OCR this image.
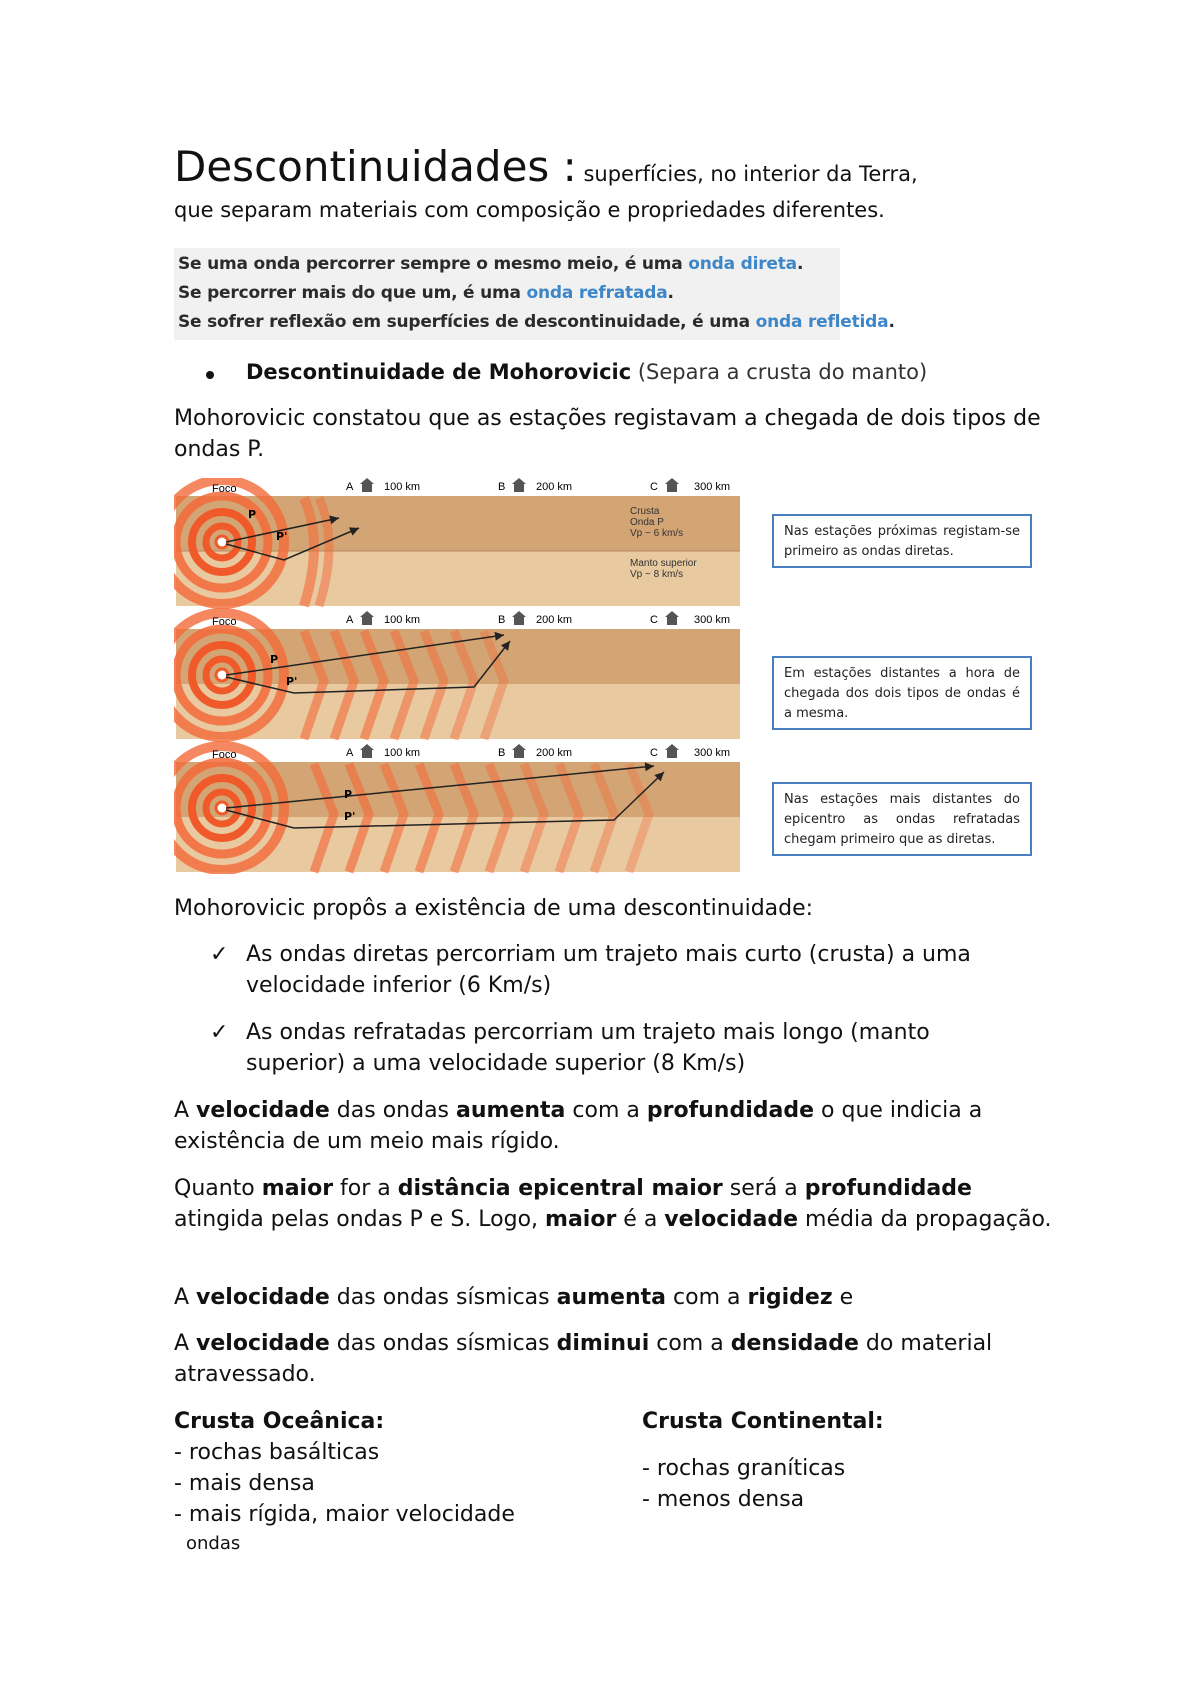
Descontinuidades : superfícies, no interior da Terra,
que separam materiais com composição e propriedades diferentes.
Se uma onda percorrer sempre o mesmo meio, é uma onda direta.
Se percorrer mais do que um, é uma onda refratada.
Se sofrer reflexão em superfícies de descontinuidade, é uma onda refletida.
Descontinuidade de Mohorovicic (Separa a crusta do manto)
Mohorovicic constatou que as estações registavam a chegada de dois tipos de ondas P.
Foco	A	100 km	B	200 km	C	300 km
P
P'
Crusta
Onda P
Vp ~ 6 km/s
Manto superior
Vp ~ 8 km/s
Foco	A	100 km	B	200 km	C	300 km
P
P'
Foco	A	100 km	B	200 km	C	300 km
P
P'
Nas estações próximas registam-se primeiro as ondas diretas.
Em estações distantes a hora de chegada dos dois tipos de ondas é a mesma.
Nas estações mais distantes do epicentro as ondas refratadas chegam primeiro que as diretas.
Mohorovicic propôs a existência de uma descontinuidade:
✓ As ondas diretas percorriam um trajeto mais curto (crusta) a uma velocidade inferior (6 Km/s)
✓ As ondas refratadas percorriam um trajeto mais longo (manto superior) a uma velocidade superior (8 Km/s)
A velocidade das ondas aumenta com a profundidade o que indicia a existência de um meio mais rígido.
Quanto maior for a distância epicentral maior será a profundidade atingida pelas ondas P e S. Logo, maior é a velocidade média da propagação.
A velocidade das ondas sísmicas aumenta com a rigidez e
A velocidade das ondas sísmicas diminui com a densidade do material atravessado.
Crusta Oceânica:
- rochas basálticas
- mais densa
- mais rígida, maior velocidade
ondas
Crusta Continental:
- rochas graníticas
- menos densa
